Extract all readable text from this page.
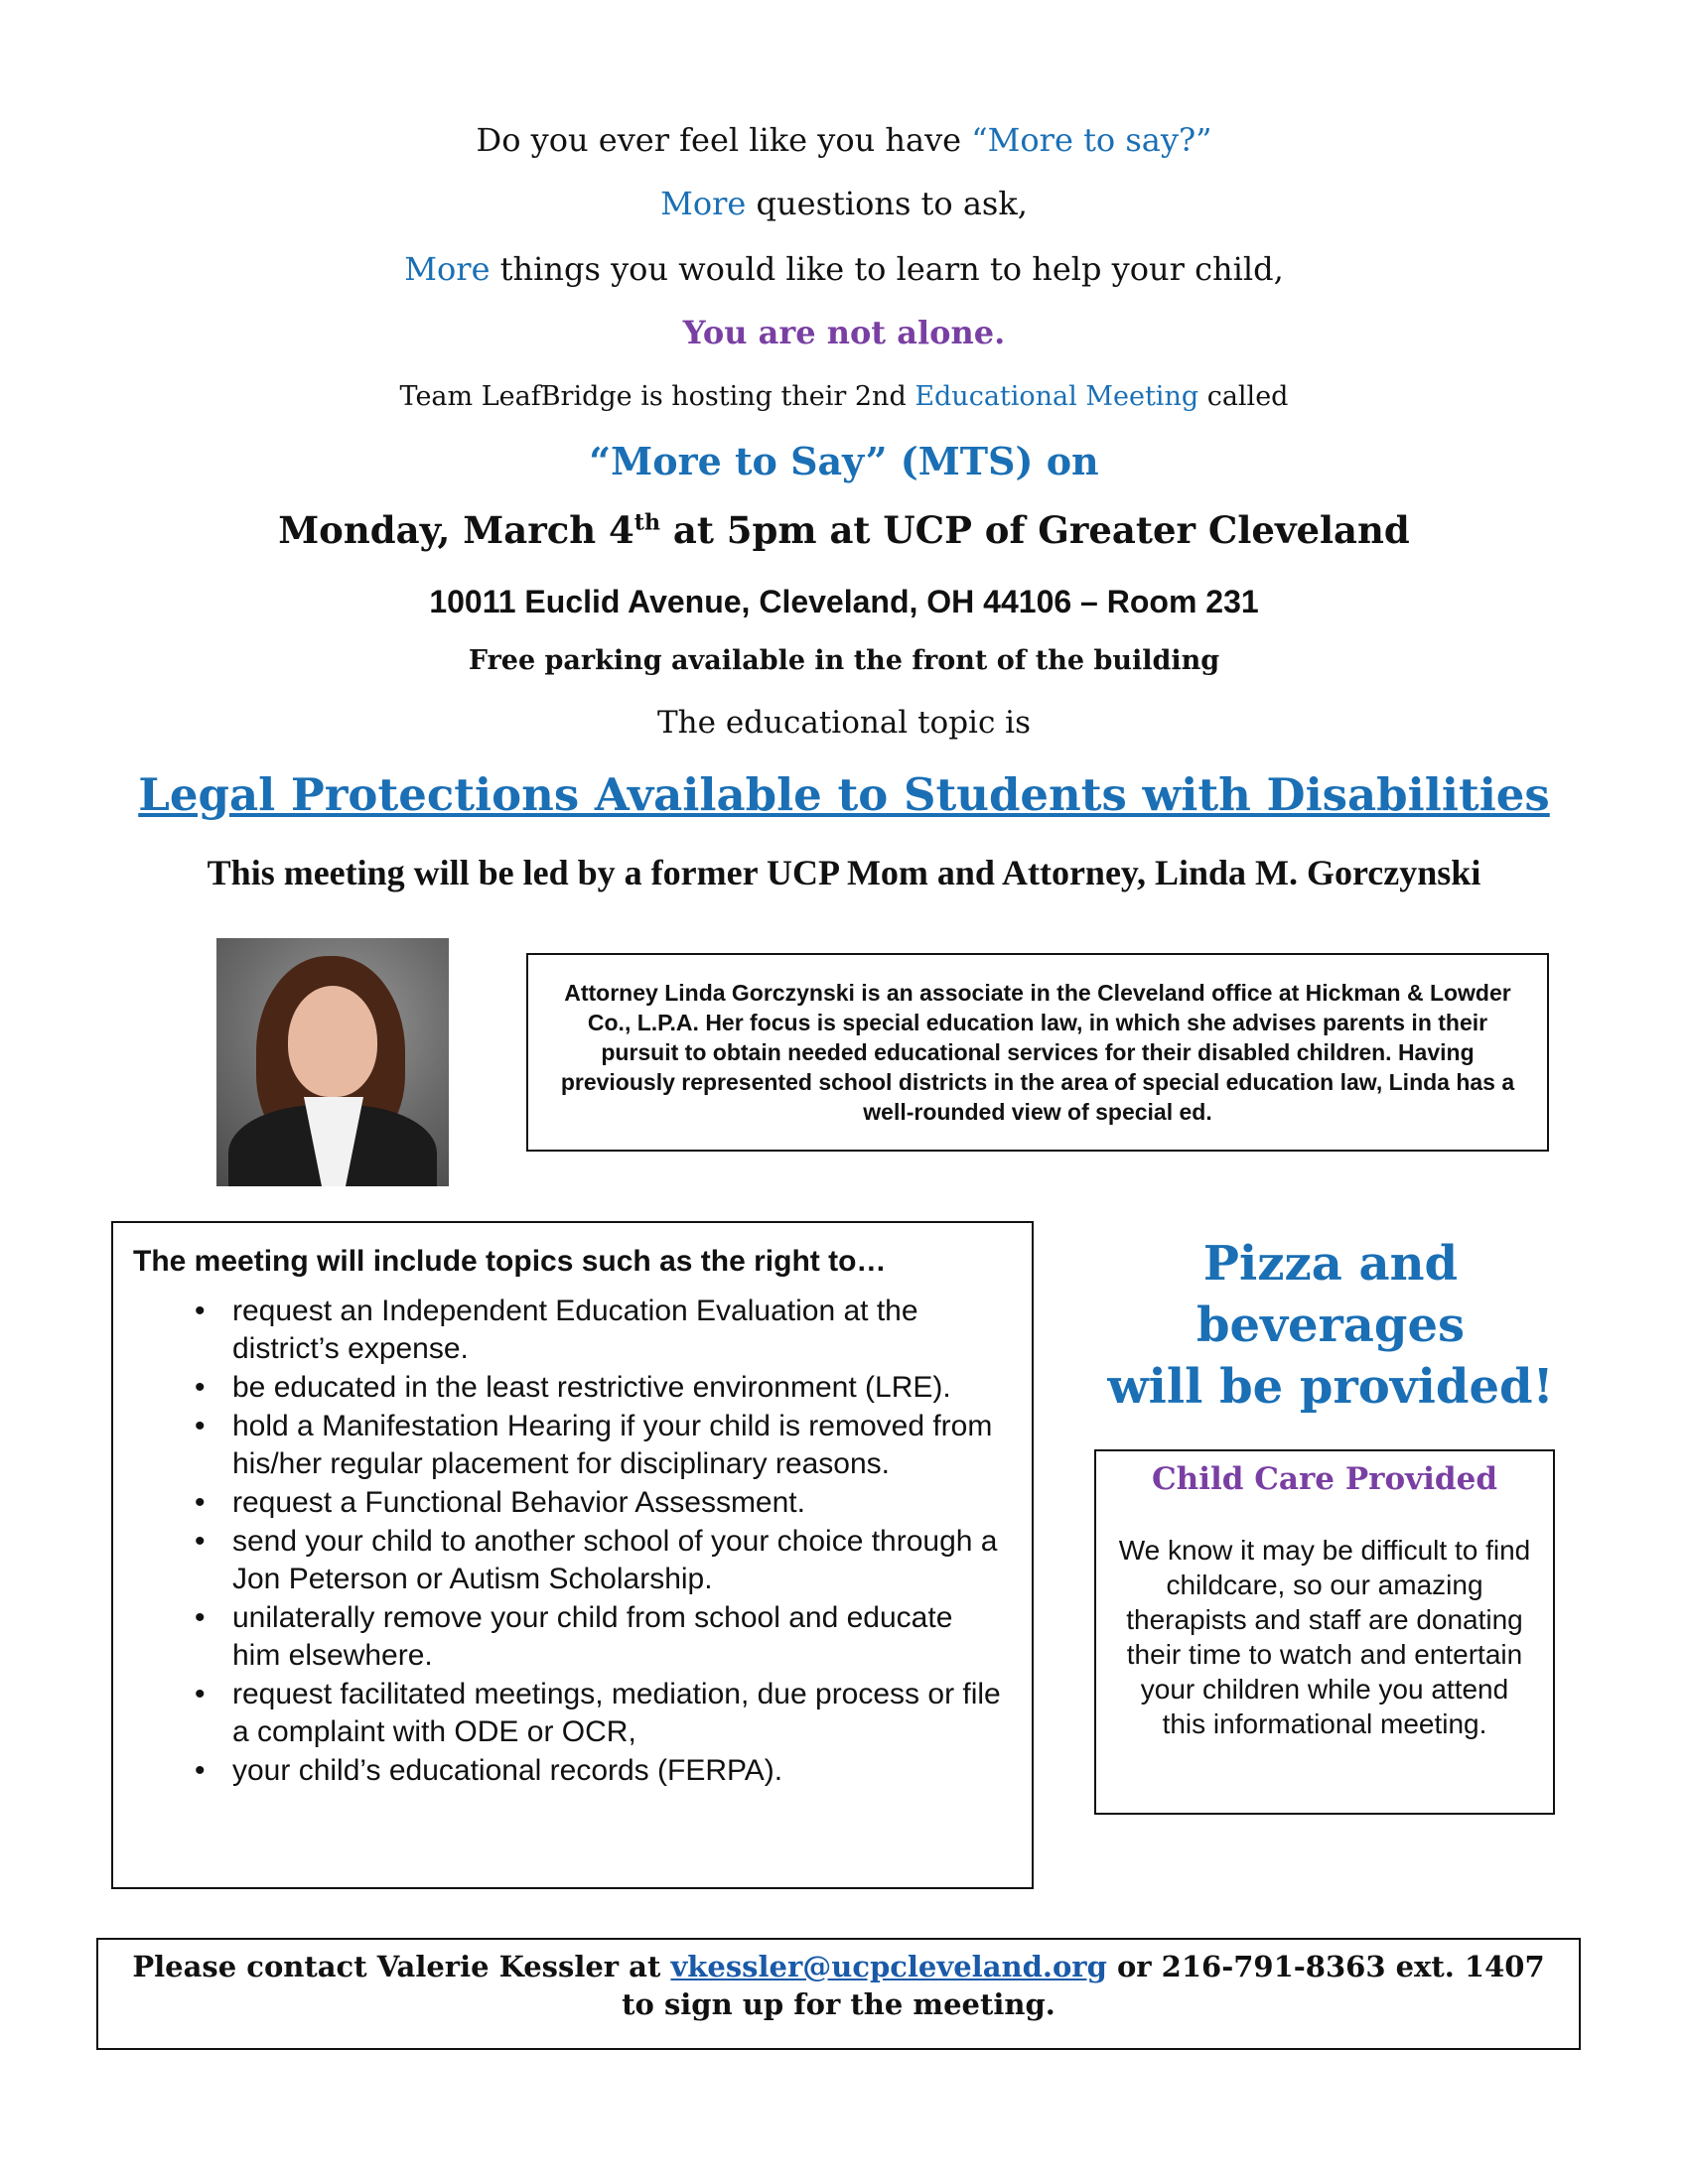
Do you ever feel like you have “More to say?”
More questions to ask,
More things you would like to learn to help your child,
You are not alone.
Team LeafBridge is hosting their 2nd Educational Meeting called
“More to Say” (MTS) on
Monday, March 4th at 5pm at UCP of Greater Cleveland
10011 Euclid Avenue, Cleveland, OH 44106 – Room 231
Free parking available in the front of the building
The educational topic is
Legal Protections Available to Students with Disabilities
This meeting will be led by a former UCP Mom and Attorney, Linda M. Gorczynski
Attorney Linda Gorczynski is an associate in the Cleveland office at Hickman & Lowder Co., L.P.A. Her focus is special education law, in which she advises parents in their pursuit to obtain needed educational services for their disabled children. Having previously represented school districts in the area of special education law, Linda has a well-rounded view of special ed.

The meeting will include topics such as the right to…

• request an Independent Education Evaluation at the district’s expense.
• be educated in the least restrictive environment (LRE).
• hold a Manifestation Hearing if your child is removed from his/her regular placement for disciplinary reasons.
• request a Functional Behavior Assessment.
• send your child to another school of your choice through a Jon Peterson or Autism Scholarship.
• unilaterally remove your child from school and educate him elsewhere.
• request facilitated meetings, mediation, due process or file a complaint with ODE or OCR,
• your child’s educational records (FERPA).
Pizza and beverages
will be provided!
Child Care Provided
We know it may be difficult to find childcare, so our amazing therapists and staff are donating their time to watch and entertain your children while you attend this informational meeting.
Please contact Valerie Kessler at vkessler@ucpcleveland.org or 216-791-8363 ext. 1407
to sign up for the meeting.
